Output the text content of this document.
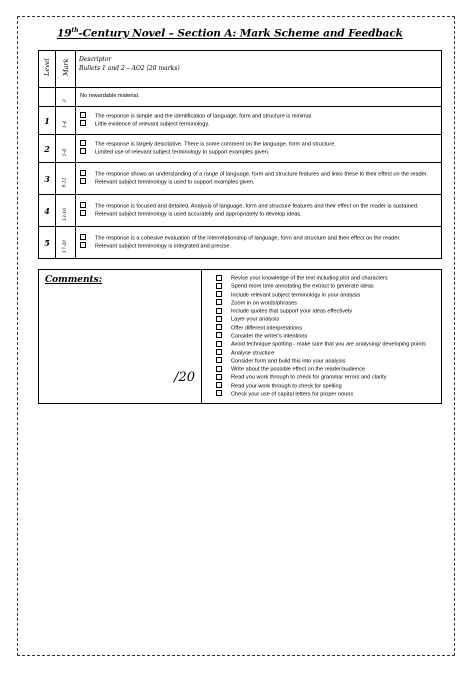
19th-Century Novel – Section A: Mark Scheme and Feedback
Level	Mark	Descriptor
Bullets 1 and 2 – AO2 (20 marks)

	0	No rewardable material.
1	1-4	The response is simple and the identification of language, form and structure is minimal.
Little evidence of relevant subject terminology.

2	5-8	The response is largely descriptive. There is some comment on the language, form and structure.
Limited use of relevant subject terminology to support examples given.

3	9-12	The response shows an understanding of a range of language, form and structure features and links these to their effect on the reader.
Relevant subject terminology is used to support examples given.

4	13-16	The response is focused and detailed. Analysis of language, form and structure features and their effect on the reader is sustained.
Relevant subject terminology is used accurately and appropriately to develop ideas.

5	17-20	The response is a cohesive evaluation of the interrelationship of language, form and structure and their effect on the reader.
Relevant subject terminology is integrated and precise.
Comments:
/20
Revise your knowledge of the text including plot and characters
Spend more time annotating the extract to generate ideas
Include relevant subject terminology in your analysis
Zoom in on words/phrases
Include quotes that support your ideas effectively
Layer your analysis
Offer different interpretations
Consider the writer's intentions
Avoid technique spotting - make sure that you are analysing/ developing points
Analyse structure
Consider form and build this into your analysis
Write about the possible effect on the reader/audience
Read you work through to check for grammar errors and clarity
Read your work through to check for spelling
Check your use of capital letters for proper nouns
